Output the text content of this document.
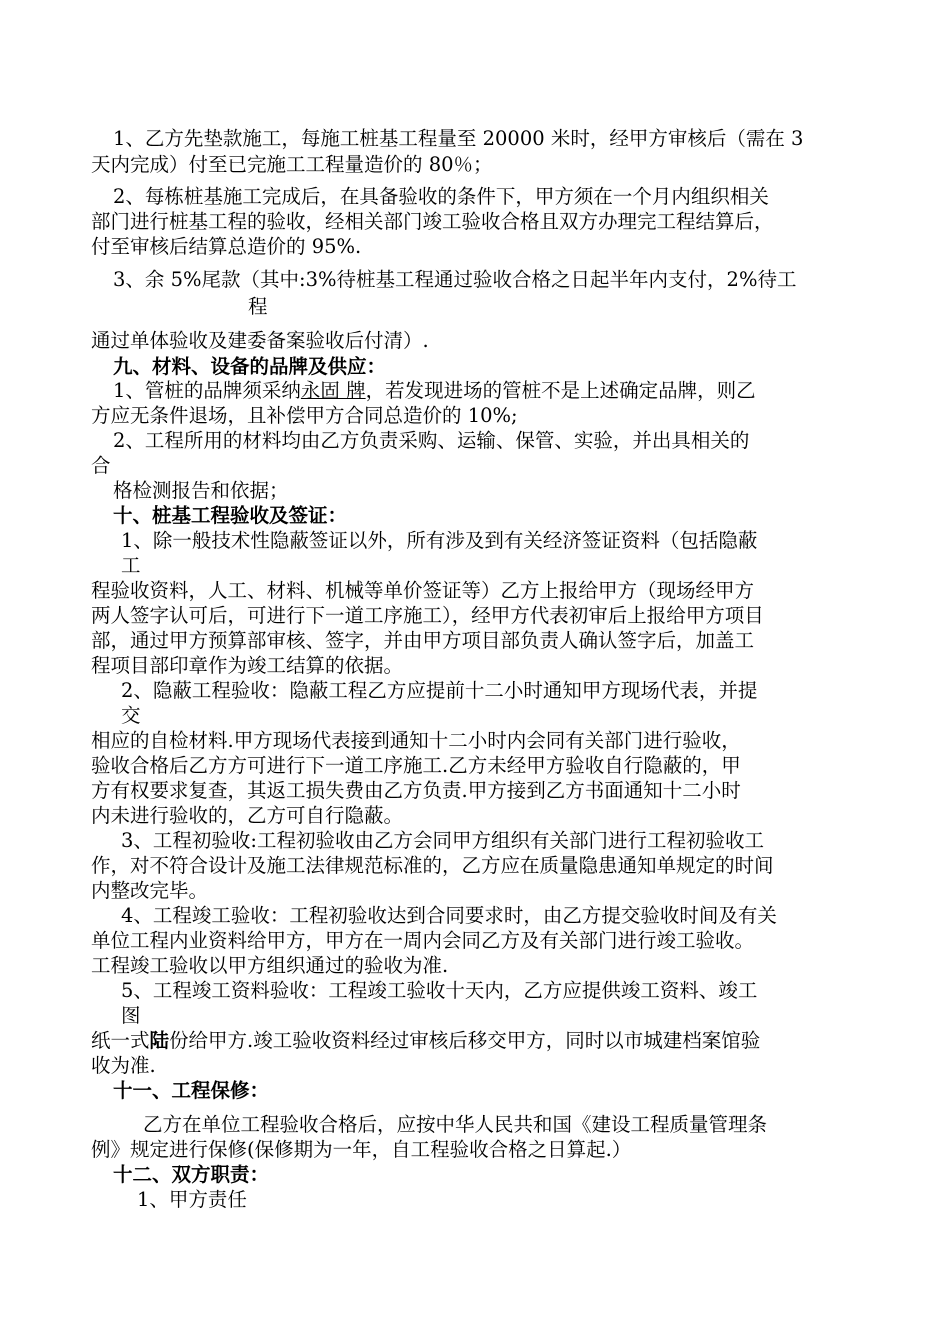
1、乙方先垫款施工，每施工桩基工程量至 20000 米时，经甲方审核后（需在 3
天内完成）付至已完施工工程量造价的 80％；
2、每栋桩基施工完成后，在具备验收的条件下，甲方须在一个月内组织相关
部门进行桩基工程的验收，经相关部门竣工验收合格且双方办理完工程结算后，
付至审核后结算总造价的 95%.
3、余 5%尾款（其中:3%待桩基工程通过验收合格之日起半年内支付，2%待工
程
通过单体验收及建委备案验收后付清）.
九、材料、设备的品牌及供应：
1、管桩的品牌须采纳永固 牌，若发现进场的管桩不是上述确定品牌，则乙
方应无条件退场，且补偿甲方合同总造价的 10%;
2、工程所用的材料均由乙方负责采购、运输、保管、实验，并出具相关的
合
格检测报告和依据；
十、桩基工程验收及签证：
1、除一般技术性隐蔽签证以外，所有涉及到有关经济签证资料（包括隐蔽
工
程验收资料，人工、材料、机械等单价签证等）乙方上报给甲方（现场经甲方
两人签字认可后，可进行下一道工序施工），经甲方代表初审后上报给甲方项目
部，通过甲方预算部审核、签字，并由甲方项目部负责人确认签字后，加盖工
程项目部印章作为竣工结算的依据。
2、隐蔽工程验收：隐蔽工程乙方应提前十二小时通知甲方现场代表，并提
交
相应的自检材料.甲方现场代表接到通知十二小时内会同有关部门进行验收，
验收合格后乙方方可进行下一道工序施工.乙方未经甲方验收自行隐蔽的，甲
方有权要求复查，其返工损失费由乙方负责.甲方接到乙方书面通知十二小时
内未进行验收的，乙方可自行隐蔽。
3、工程初验收:工程初验收由乙方会同甲方组织有关部门进行工程初验收工
作，对不符合设计及施工法律规范标准的，乙方应在质量隐患通知单规定的时间
内整改完毕。
4、工程竣工验收：工程初验收达到合同要求时，由乙方提交验收时间及有关
单位工程内业资料给甲方，甲方在一周内会同乙方及有关部门进行竣工验收。
工程竣工验收以甲方组织通过的验收为准.
5、工程竣工资料验收：工程竣工验收十天内，乙方应提供竣工资料、竣工
图
纸一式陆份给甲方.竣工验收资料经过审核后移交甲方，同时以市城建档案馆验
收为准.
十一、工程保修：
乙方在单位工程验收合格后，应按中华人民共和国《建设工程质量管理条
例》规定进行保修(保修期为一年，自工程验收合格之日算起.）
十二、双方职责：
1、甲方责任
